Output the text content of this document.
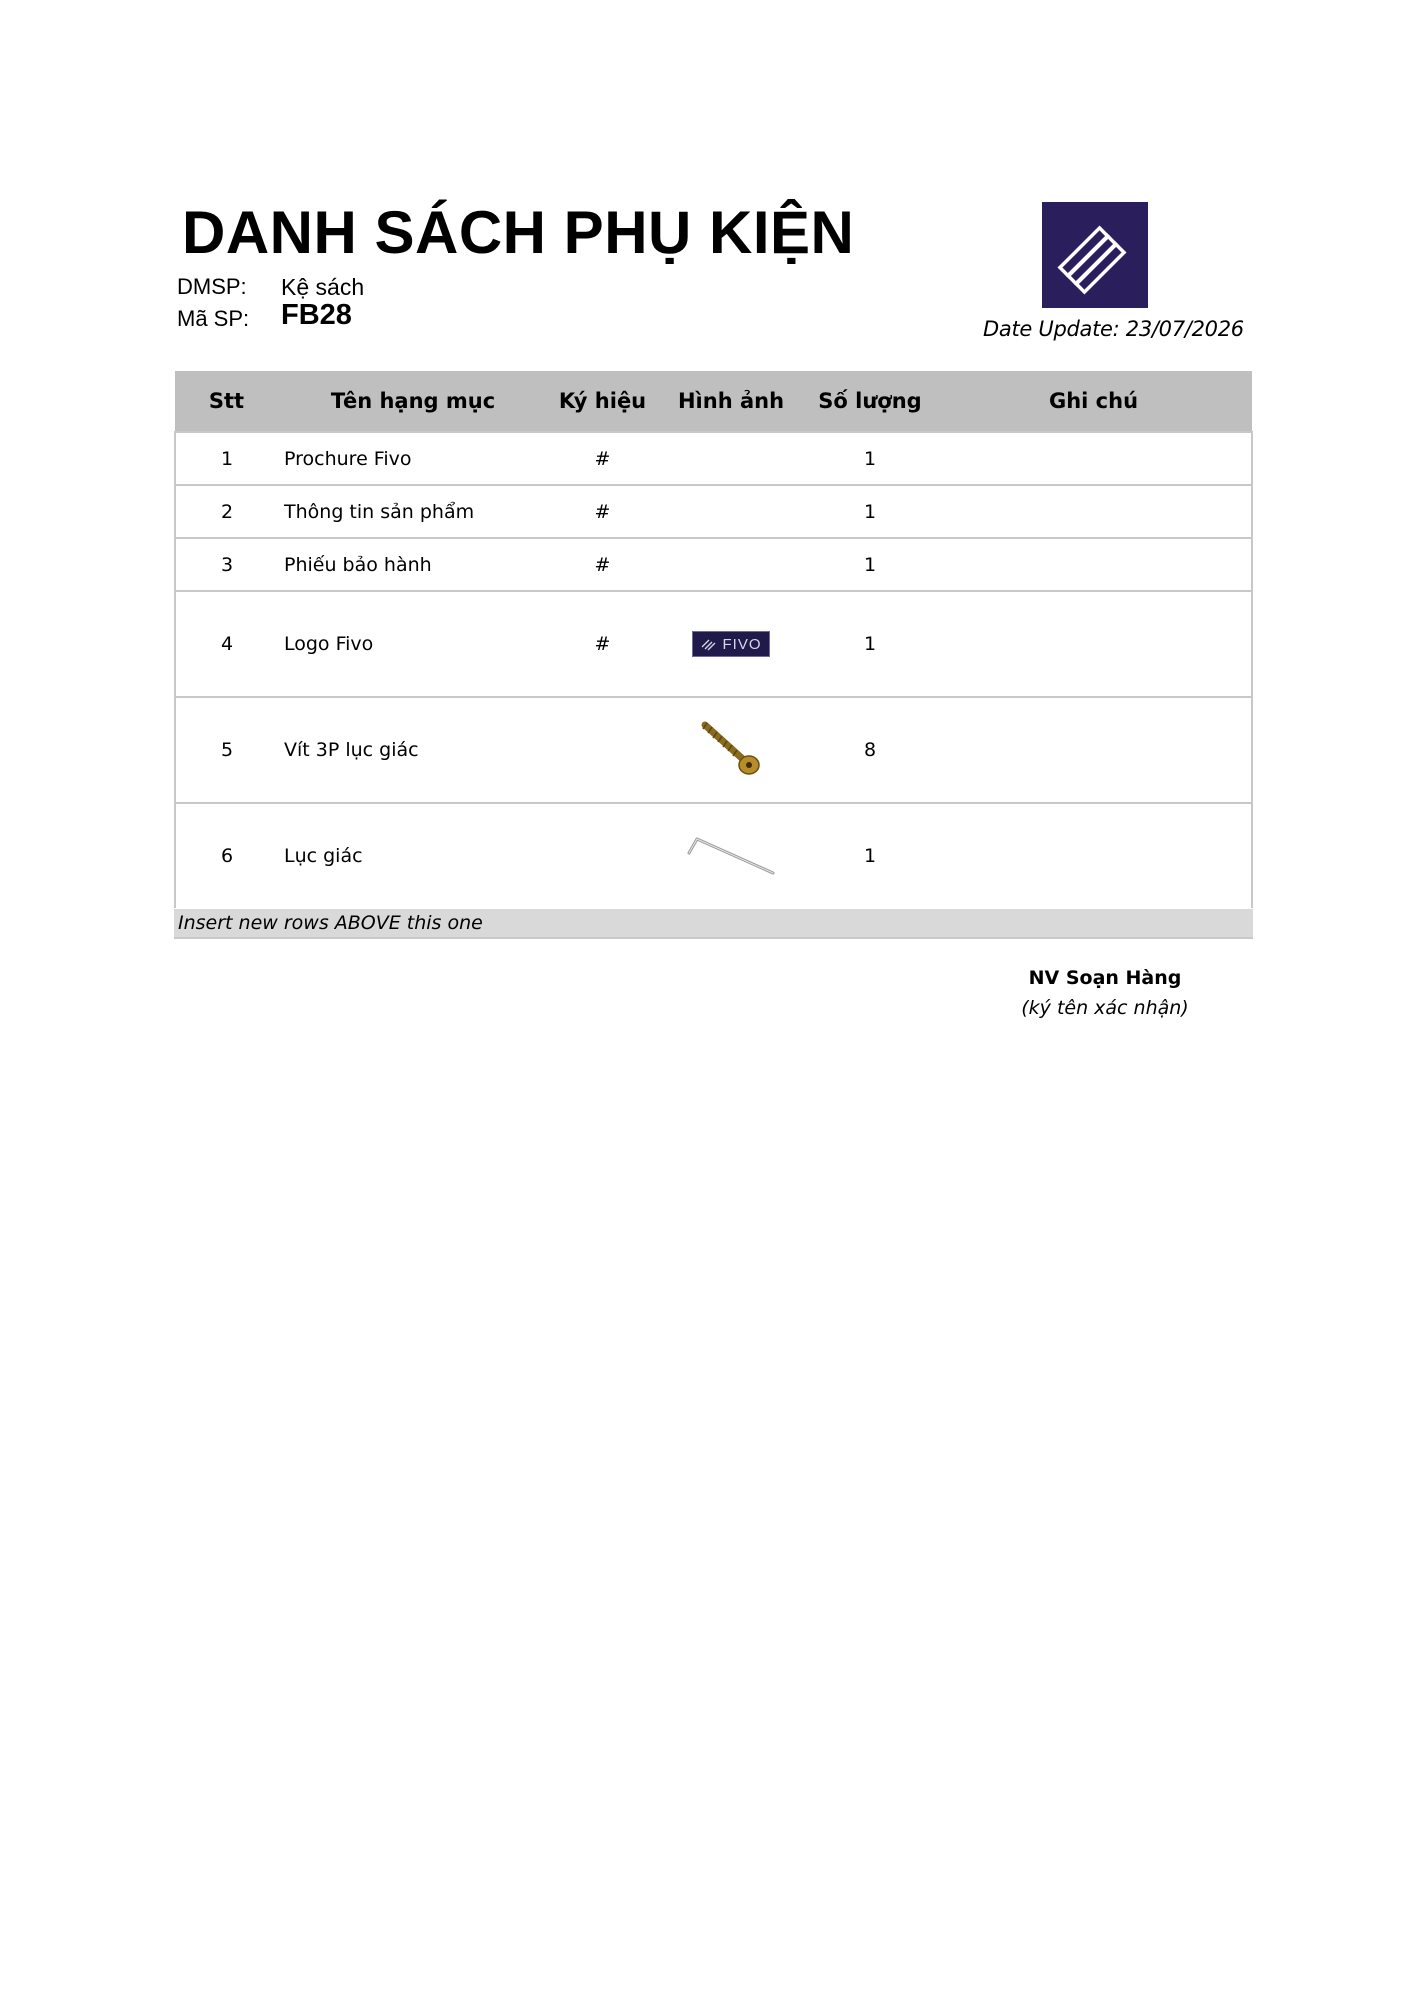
DANH SÁCH PHỤ KIỆN
DMSP: Kệ sách
Mã SP: FB28	Date Update: 23/07/2026
Stt	Tên hạng mục	Ký hiệu	Hình ảnh	Số lượng	Ghi chú
1	Prochure Fivo	#		1	
2	Thông tin sản phẩm	#		1	
3	Phiếu bảo hành	#		1	
4	Logo Fivo	#	FIVO	1	
5	Vít 3P lục giác			8	
6	Lục giác			1	
Insert new rows ABOVE this one
NV Soạn Hàng
(ký tên xác nhận)
